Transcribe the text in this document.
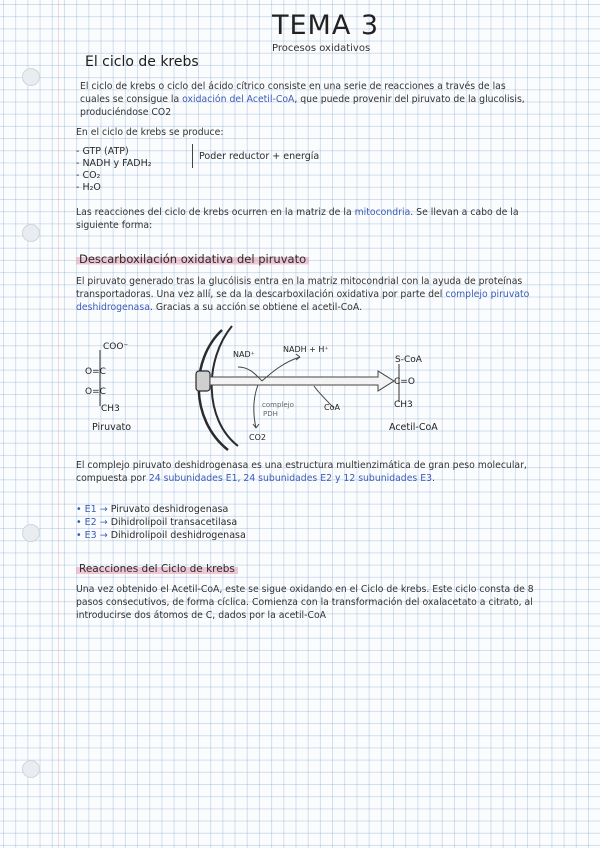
TEMA 3
Procesos oxidativos
El ciclo de krebs
El ciclo de krebs o ciclo del ácido cítrico consiste en una serie de reacciones a través de las cuales se consigue la oxidación del Acetil-CoA, que puede provenir del piruvato de la glucolisis, produciéndose CO2
En el ciclo de krebs se produce:
- GTP (ATP)
- NADH y FADH₂
- CO₂
- H₂O
Poder reductor + energía
Las reacciones del ciclo de krebs ocurren en la matriz de la mitocondria. Se llevan a cabo de la siguiente forma:
Descarboxilación oxidativa del piruvato
El piruvato generado tras la glucólisis entra en la matriz mitocondrial con la ayuda de proteínas transportadoras. Una vez allí, se da la descarboxilación oxidativa por parte del complejo piruvato deshidrogenasa. Gracias a su acción se obtiene el acetil-CoA.
COO⁻
O=C
O=C
CH3
Piruvato
S-CoA
C=O
CH3
Acetil-CoA
NAD⁺
NADH + H⁺
complejo
PDH
CoA
CO2
El complejo piruvato deshidrogenasa es una estructura multienzimática de gran peso molecular, compuesta por 24 subunidades E1, 24 subunidades E2 y 12 subunidades E3.
• E1 → Piruvato deshidrogenasa
• E2 → Dihidrolipoil transacetilasa
• E3 → Dihidrolipoil deshidrogenasa
Reacciones del Ciclo de krebs
Una vez obtenido el Acetil-CoA, este se sigue oxidando en el Ciclo de krebs. Este ciclo consta de 8 pasos consecutivos, de forma cíclica. Comienza con la transformación del oxalacetato a citrato, al introducirse dos átomos de C, dados por la acetil-CoA
